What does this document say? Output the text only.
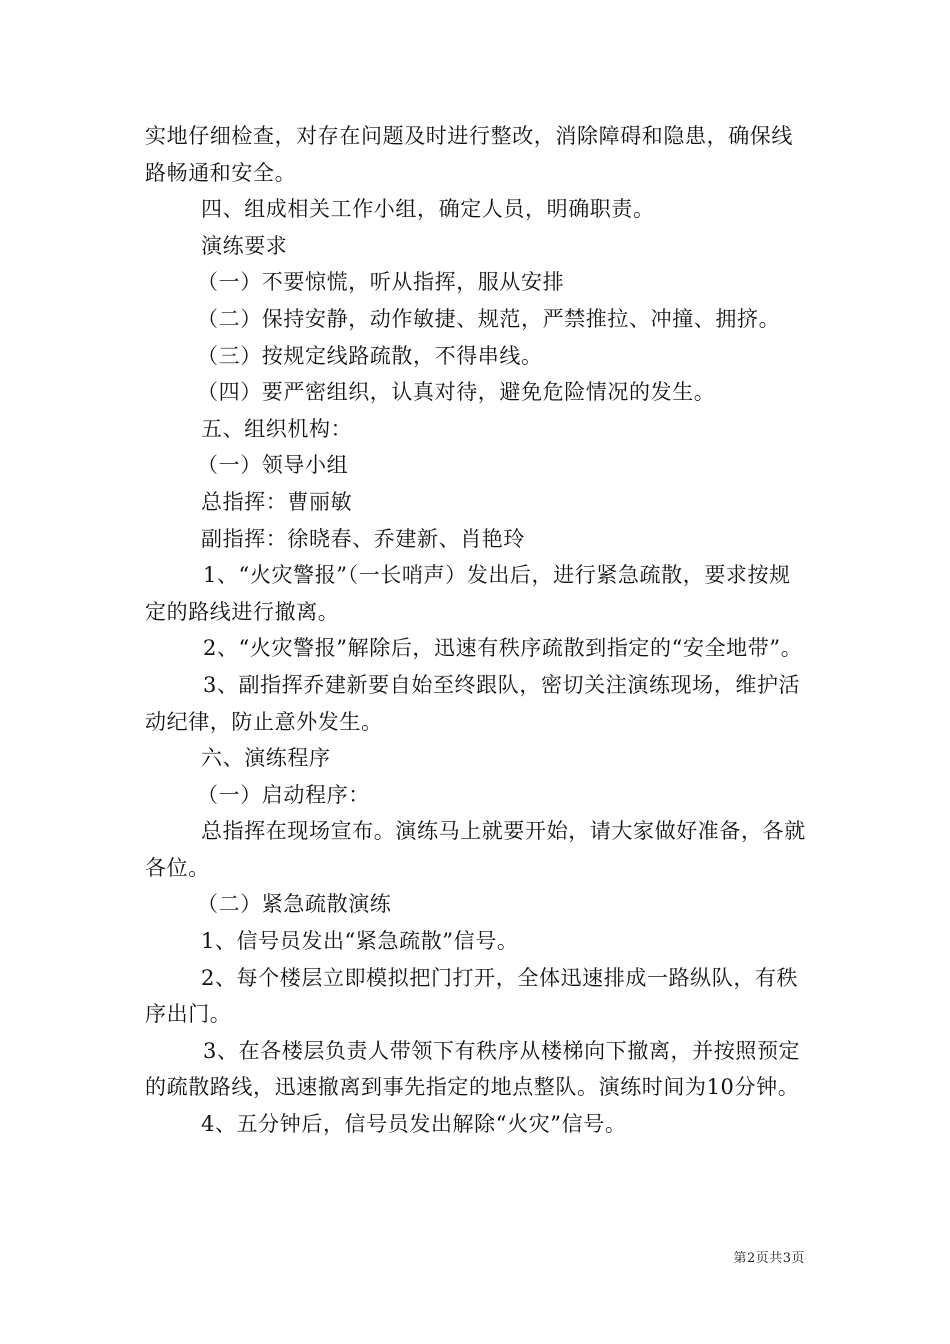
实地仔细检查，对存在问题及时进行整改，消除障碍和隐患，确保线路畅通和安全。

四、组成相关工作小组，确定人员，明确职责。

演练要求

（一）不要惊慌，听从指挥，服从安排

（二）保持安静，动作敏捷、规范，严禁推拉、冲撞、拥挤。

（三）按规定线路疏散，不得串线。

（四）要严密组织，认真对待，避免危险情况的发生。

五、组织机构：

（一）领导小组

总指挥：曹丽敏

副指挥：徐晓春、乔建新、肖艳玲

1、“火灾警报”（一长哨声）发出后，进行紧急疏散，要求按规定的路线进行撤离。

2、“火灾警报”解除后，迅速有秩序疏散到指定的“安全地带”。

3、副指挥乔建新要自始至终跟队，密切关注演练现场，维护活动纪律，防止意外发生。

六、演练程序

（一）启动程序：

总指挥在现场宣布。演练马上就要开始，请大家做好准备，各就各位。

（二）紧急疏散演练

1、信号员发出“紧急疏散”信号。

2、每个楼层立即模拟把门打开，全体迅速排成一路纵队，有秩序出门。

3、在各楼层负责人带领下有秩序从楼梯向下撤离，并按照预定的疏散路线，迅速撤离到事先指定的地点整队。演练时间为10分钟。

4、五分钟后，信号员发出解除“火灾”信号。

第2页共3页
